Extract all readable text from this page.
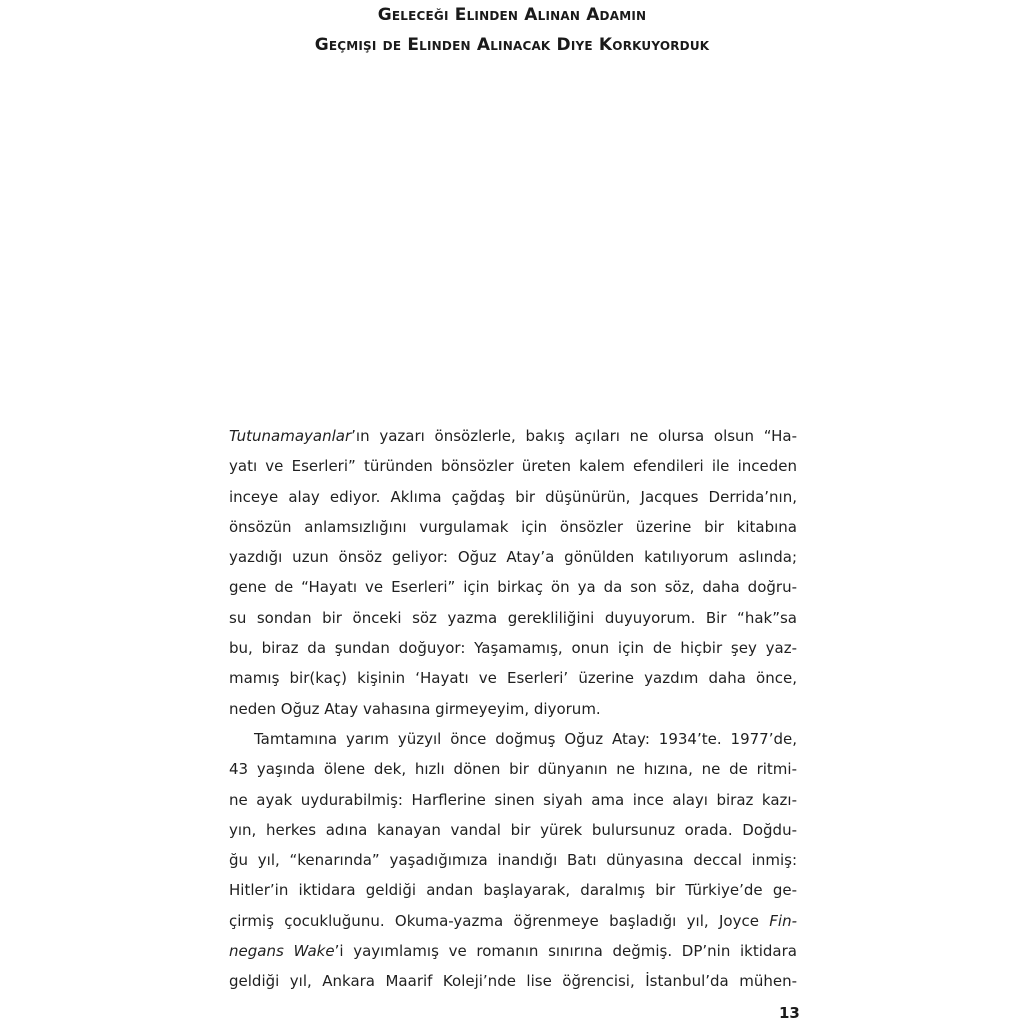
Geleceği Elinden Alınan Adamın
Geçmişi de Elinden Alınacak Diye Korkuyorduk
Tutunamayanlar’ın yazarı önsözlerle, bakış açıları ne olursa olsun “Ha-
yatı ve Eserleri” türünden bönsözler üreten kalem efendileri ile inceden
inceye alay ediyor. Aklıma çağdaş bir düşünürün, Jacques Derrida’nın,
önsözün anlamsızlığını vurgulamak için önsözler üzerine bir kitabına
yazdığı uzun önsöz geliyor: Oğuz Atay’a gönülden katılıyorum aslında;
gene de “Hayatı ve Eserleri” için birkaç ön ya da son söz, daha doğru-
su sondan bir önceki söz yazma gerekliliğini duyuyorum. Bir “hak”sa
bu, biraz da şundan doğuyor: Yaşamamış, onun için de hiçbir şey yaz-
mamış bir(kaç) kişinin ‘Hayatı ve Eserleri’ üzerine yazdım daha önce,
neden Oğuz Atay vahasına girmeyeyim, diyorum.
Tamtamına yarım yüzyıl önce doğmuş Oğuz Atay: 1934’te. 1977’de,
43 yaşında ölene dek, hızlı dönen bir dünyanın ne hızına, ne de ritmi-
ne ayak uydurabilmiş: Harflerine sinen siyah ama ince alayı biraz kazı-
yın, herkes adına kanayan vandal bir yürek bulursunuz orada. Doğdu-
ğu yıl, “kenarında” yaşadığımıza inandığı Batı dünyasına deccal inmiş:
Hitler’in iktidara geldiği andan başlayarak, daralmış bir Türkiye’de ge-
çirmiş çocukluğunu. Okuma-yazma öğrenmeye başladığı yıl, Joyce Fin-
negans Wake’i yayımlamış ve romanın sınırına değmiş. DP’nin iktidara
geldiği yıl, Ankara Maarif Koleji’nde lise öğrencisi, İstanbul’da mühen-
13
